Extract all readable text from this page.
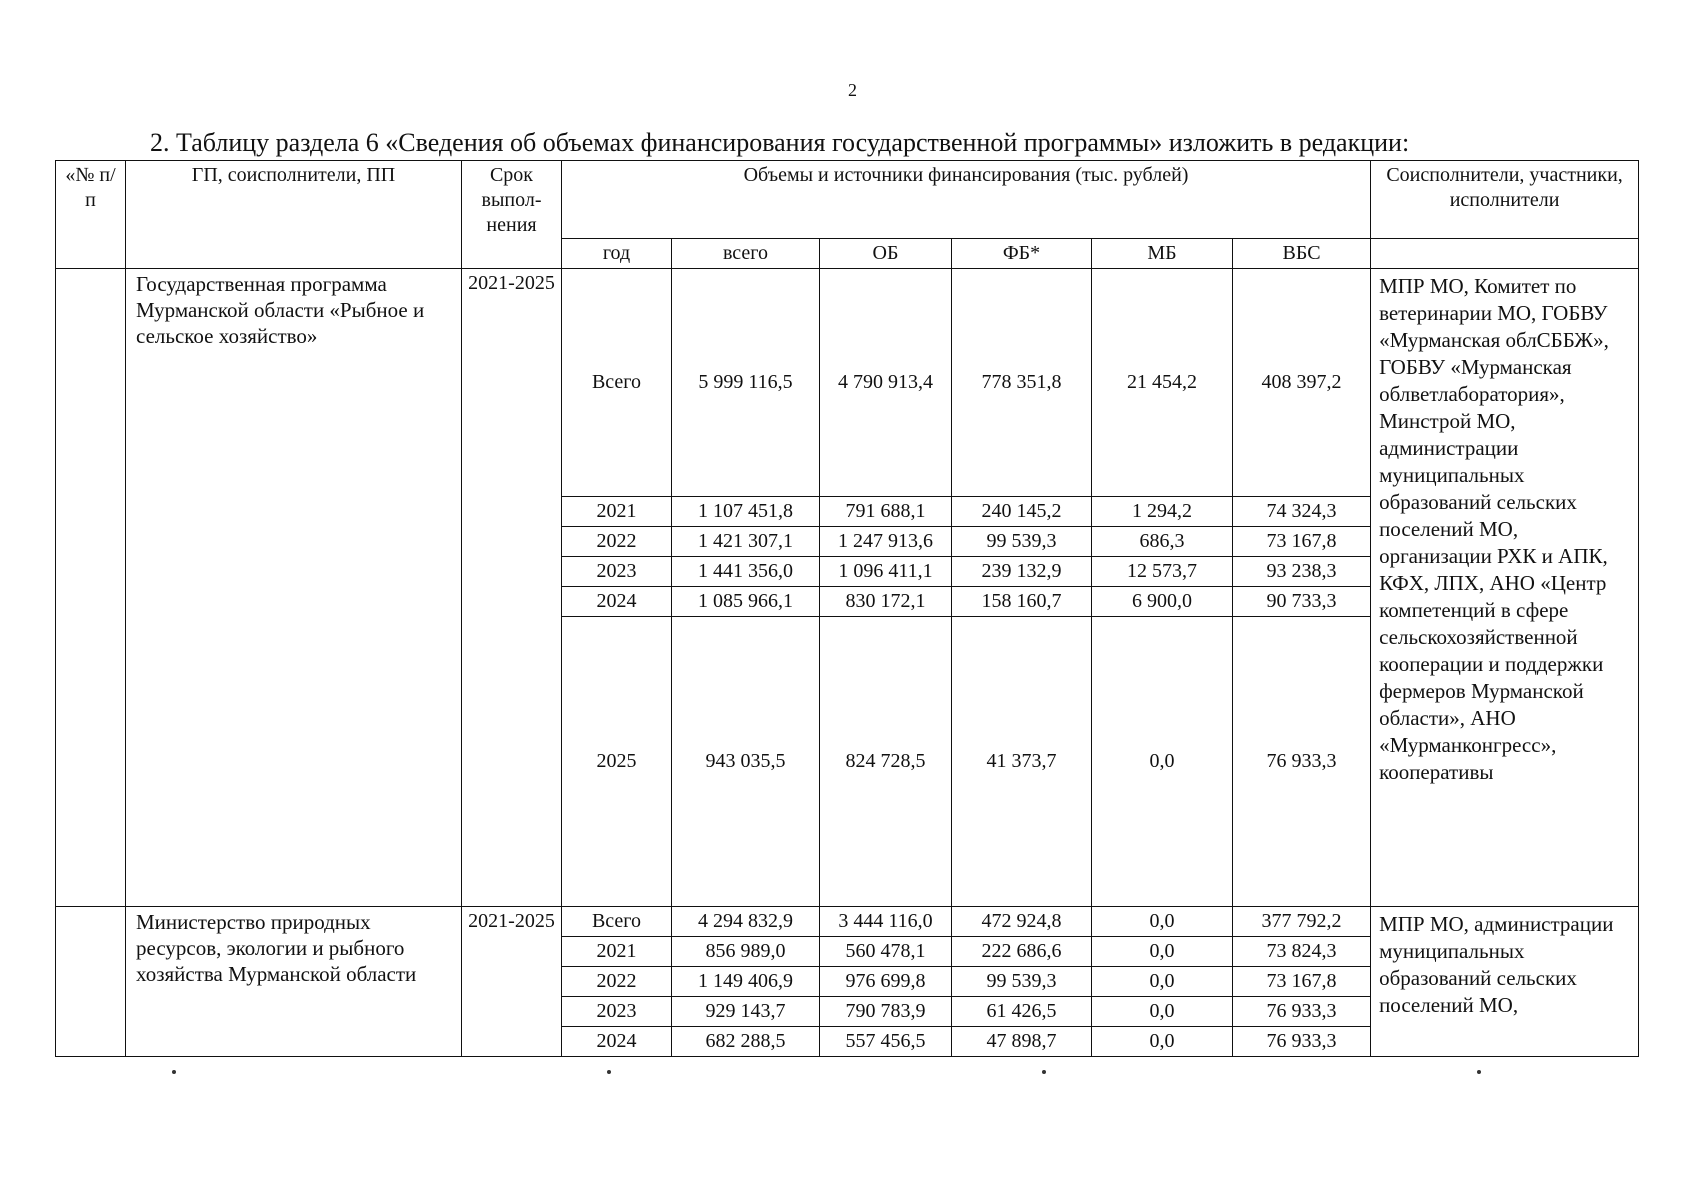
2
2. Таблицу раздела 6 «Сведения об объемах финансирования государственной программы» изложить в редакции:
«№ п/п	ГП, соисполнители, ПП	Срок выпол-нения	Объемы и источники финансирования (тыс. рублей)						Соисполнители, участники, исполнители
			год	всего	ОБ	ФБ*	МБ	ВБС	
	Государственная программа Мурманской области «Рыбное и сельское хозяйство»	2021-2025	Всего	5 999 116,5	4 790 913,4	778 351,8	21 454,2	408 397,2	МПР МО, Комитет по ветеринарии МО, ГОБВУ «Мурманская облСББЖ», ГОБВУ «Мурманская облветлаборатория», Минстрой МО, администрации муниципальных образований сельских поселений МО, организации РХК и АПК, КФХ, ЛПХ, АНО «Центр компетенций в сфере сельскохозяйственной кооперации и поддержки фермеров Мурманской области», АНО «Мурманконгресс», кооперативы
			2021	1 107 451,8	791 688,1	240 145,2	1 294,2	74 324,3	
			2022	1 421 307,1	1 247 913,6	99 539,3	686,3	73 167,8	
			2023	1 441 356,0	1 096 411,1	239 132,9	12 573,7	93 238,3	
			2024	1 085 966,1	830 172,1	158 160,7	6 900,0	90 733,3	
			2025	943 035,5	824 728,5	41 373,7	0,0	76 933,3	
	Министерство природных ресурсов, экологии и рыбного хозяйства Мурманской области	2021-2025	Всего	4 294 832,9	3 444 116,0	472 924,8	0,0	377 792,2	МПР МО, администрации муниципальных образований сельских поселений МО,
			2021	856 989,0	560 478,1	222 686,6	0,0	73 824,3	
			2022	1 149 406,9	976 699,8	99 539,3	0,0	73 167,8	
			2023	929 143,7	790 783,9	61 426,5	0,0	76 933,3	
			2024	682 288,5	557 456,5	47 898,7	0,0	76 933,3	
